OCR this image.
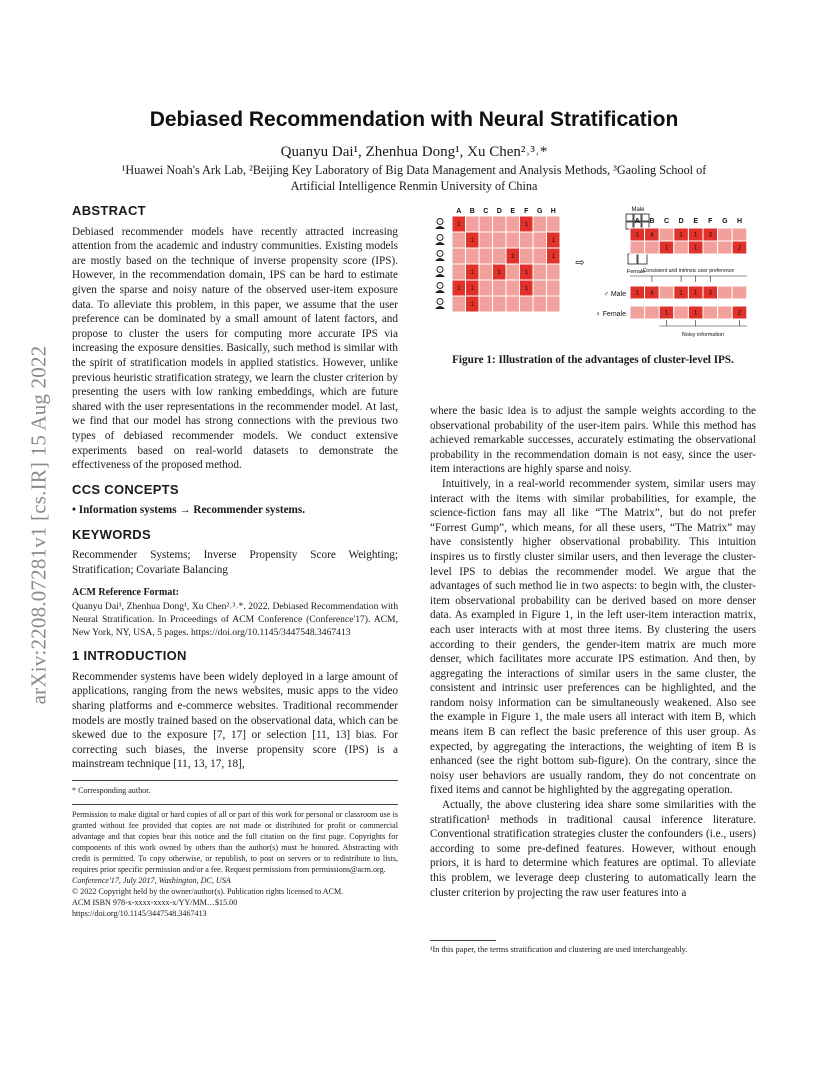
arXiv:2208.07281v1 [cs.IR] 15 Aug 2022
Debiased Recommendation with Neural Stratification
Quanyu Dai¹, Zhenhua Dong¹, Xu Chen²˒³˒*
¹Huawei Noah's Ark Lab, ²Beijing Key Laboratory of Big Data Management and Analysis Methods, ³Gaoling School of
Artificial Intelligence Renmin University of China
ABSTRACT

Debiased recommender models have recently attracted increasing attention from the academic and industry communities. Existing models are mostly based on the technique of inverse propensity score (IPS). However, in the recommendation domain, IPS can be hard to estimate given the sparse and noisy nature of the observed user-item exposure data. To alleviate this problem, in this paper, we assume that the user preference can be dominated by a small amount of latent factors, and propose to cluster the users for computing more accurate IPS via increasing the exposure densities. Basically, such method is similar with the spirit of stratification models in applied statistics. However, unlike previous heuristic stratification strategy, we learn the cluster criterion by presenting the users with low ranking embeddings, which are future shared with the user representations in the recommender model. At last, we find that our model has strong connections with the previous two types of debiased recommender models. We conduct extensive experiments based on real-world datasets to demonstrate the effectiveness of the proposed method.

CCS CONCEPTS

• Information systems → Recommender systems.

KEYWORDS

Recommender Systems; Inverse Propensity Score Weighting; Stratification; Covariate Balancing

ACM Reference Format:

Quanyu Dai¹, Zhenhua Dong¹, Xu Chen²˒³˒*. 2022. Debiased Recommendation with Neural Stratification. In Proceedings of ACM Conference (Conference'17). ACM, New York, NY, USA, 5 pages. https://doi.org/10.1145/3447548.3467413

1 INTRODUCTION

Recommender systems have been widely deployed in a large amount of applications, ranging from the news websites, music apps to the video sharing platforms and e-commerce websites. Traditional recommender models are mostly trained based on the observational data, which can be skewed due to the exposure [7, 17] or selection [11, 13] bias. For correcting such biases, the inverse propensity score (IPS) is a mainstream technique [11, 13, 17, 18],

* Corresponding author.

Permission to make digital or hard copies of all or part of this work for personal or classroom use is granted without fee provided that copies are not made or distributed for profit or commercial advantage and that copies bear this notice and the full citation on the first page. Copyrights for components of this work owned by others than the author(s) must be honored. Abstracting with credit is permitted. To copy otherwise, or republish, to post on servers or to redistribute to lists, requires prior specific permission and/or a fee. Request permissions from permissions@acm.org.

Conference'17, July 2017, Washington, DC, USA
© 2022 Copyright held by the owner/author(s). Publication rights licensed to ACM.
ACM ISBN 978-x-xxxx-xxxx-x/YY/MM…$15.00
https://doi.org/10.1145/3447548.3467413
A B C D E F G H
1	1
1	1
1	1
1	1	1
1 1	1
1
Male
Female
⇨
A B C D E F G H
1 4	1 1 3
1	1	2
Consistent and intrinsic user preference
♂ Male 1 4	1 1 3
♀ Female	1	1	2
Noisy information
Figure 1: Illustration of the advantages of cluster-level IPS.

where the basic idea is to adjust the sample weights according to the observational probability of the user-item pairs. While this method has achieved remarkable successes, accurately estimating the observational probability in the recommendation domain is not easy, since the user-item interactions are highly sparse and noisy.

Intuitively, in a real-world recommender system, similar users may interact with the items with similar probabilities, for example, the science-fiction fans may all like “The Matrix”, but do not prefer “Forrest Gump”, which means, for all these users, “The Matrix” may have consistently higher observational probability. This intuition inspires us to firstly cluster similar users, and then leverage the cluster-level IPS to debias the recommender model. We argue that the advantages of such method lie in two aspects: to begin with, the cluster-item observational probability can be derived based on more denser data. As exampled in Figure 1, in the left user-item interaction matrix, each user interacts with at most three items. By clustering the users according to their genders, the gender-item matrix are much more denser, which facilitates more accurate IPS estimation. And then, by aggregating the interactions of similar users in the same cluster, the consistent and intrinsic user preferences can be highlighted, and the random noisy information can be simultaneously weakened. Also see the example in Figure 1, the male users all interact with item B, which means item B can reflect the basic preference of this user group. As expected, by aggregating the interactions, the weighting of item B is enhanced (see the right bottom sub-figure). On the contrary, since the noisy user behaviors are usually random, they do not concentrate on fixed items and cannot be highlighted by the aggregating operation.

Actually, the above clustering idea share some similarities with the stratification¹ methods in traditional causal inference literature. Conventional stratification strategies cluster the confounders (i.e., users) according to some pre-defined features. However, without enough priors, it is hard to determine which features are optimal. To alleviate this problem, we leverage deep clustering to automatically learn the cluster criterion by projecting the raw user features into a

¹In this paper, the terms stratification and clustering are used interchangeably.
